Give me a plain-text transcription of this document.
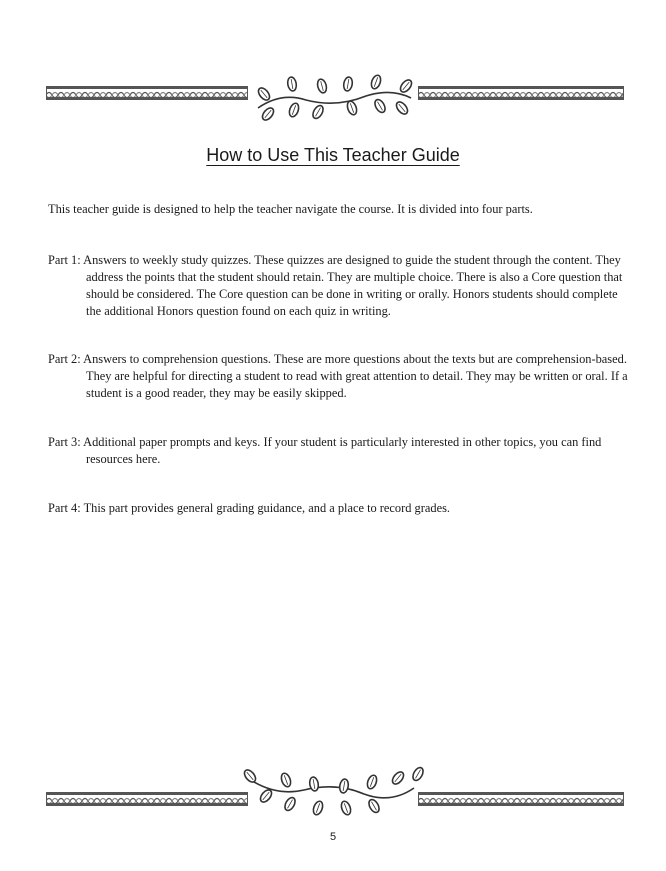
How to Use This Teacher Guide

This teacher guide is designed to help the teacher navigate the course. It is divided into four parts.

Part 1: Answers to weekly study quizzes. These quizzes are designed to guide the student through the content. They address the points that the student should retain. They are multiple choice. There is also a Core question that should be considered. The Core question can be done in writing or orally. Honors students should complete the additional Honors question found on each quiz in writing.

Part 2: Answers to comprehension questions. These are more questions about the texts but are comprehension-based. They are helpful for directing a student to read with great attention to detail. They may be written or oral. If a student is a good reader, they may be easily skipped.

Part 3: Additional paper prompts and keys. If your student is particularly interested in other topics, you can find resources here.

Part 4: This part provides general grading guidance, and a place to record grades.

5
